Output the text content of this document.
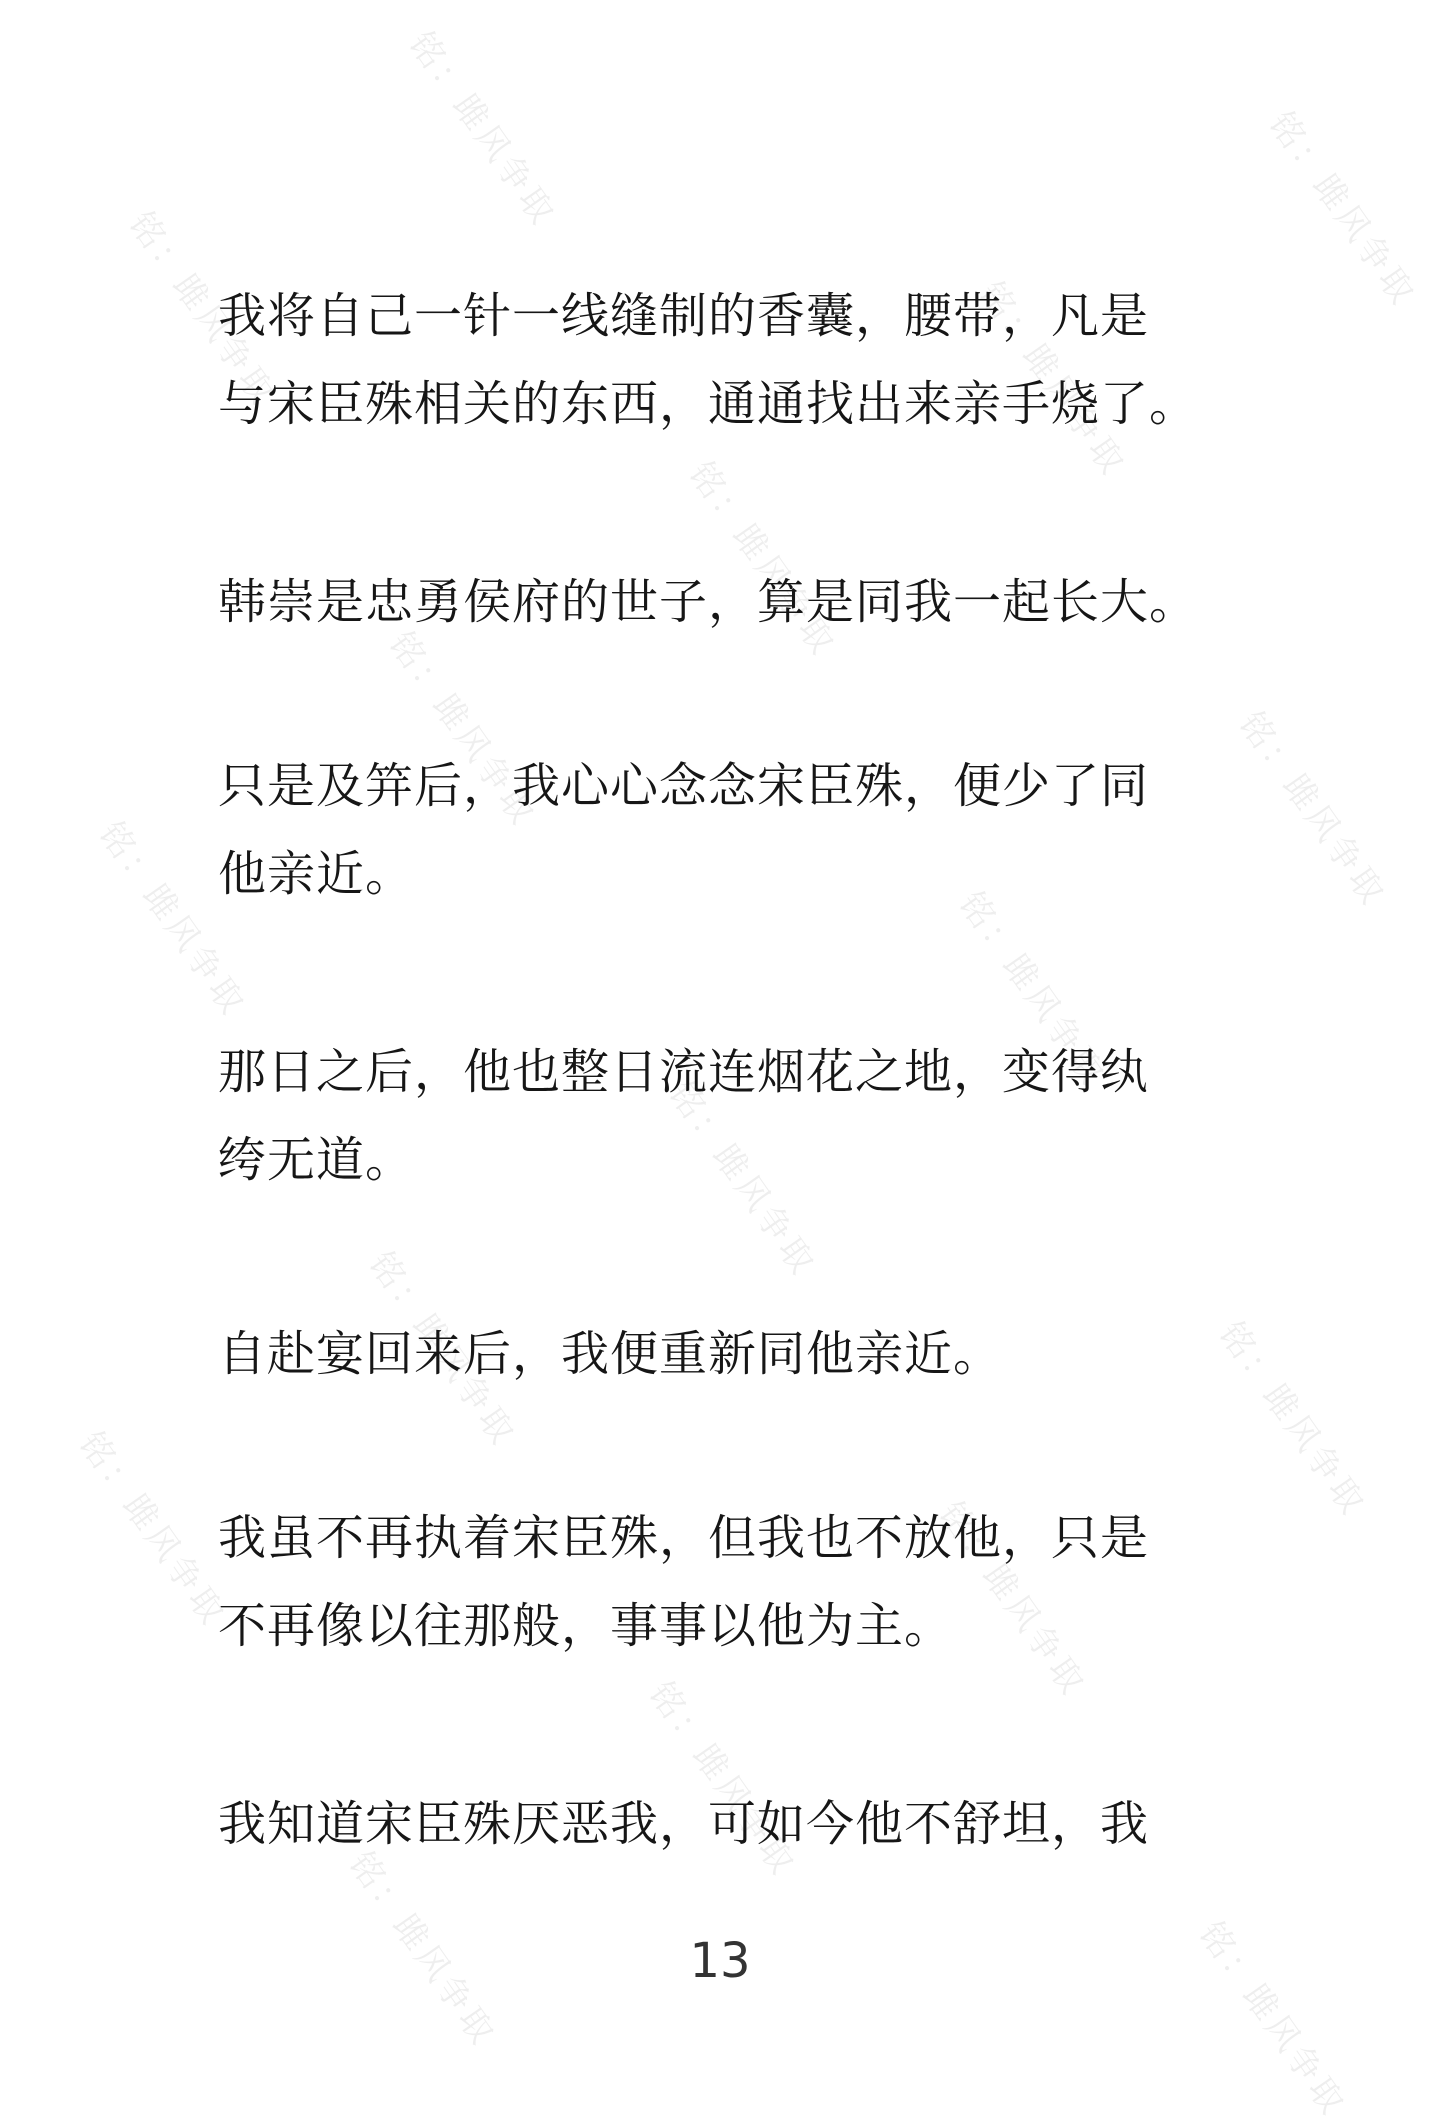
铭：雎风争取	铭：雎风争取
铭：雎风争取	铭：雎风争取
铭：雎风争取
铭：雎风争取	铭：雎风争取
铭：雎风争取	铭：雎风争取
铭：雎风争取
铭：雎风争取	铭：雎风争取
铭：雎风争取	铭：雎风争取
铭：雎风争取
铭：雎风争取	铭：雎风争取

我将自己一针一线缝制的香囊，腰带，凡是
与宋臣殊相关的东西，通通找出来亲手烧了。

韩崇是忠勇侯府的世子，算是同我一起长大。

只是及笄后，我心心念念宋臣殊，便少了同
他亲近。

那日之后，他也整日流连烟花之地，变得纨
绔无道。

自赴宴回来后，我便重新同他亲近。

我虽不再执着宋臣殊，但我也不放他，只是
不再像以往那般，事事以他为主。

我知道宋臣殊厌恶我，可如今他不舒坦，我

13
